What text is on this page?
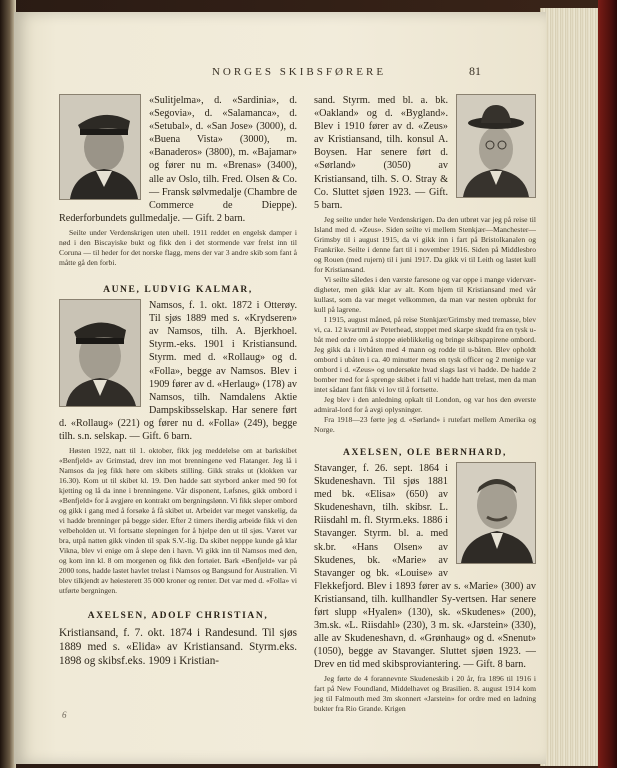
NORGES SKIBSFØRERE	81

«Sulitjelma», d. «Sardinia», d. «Segovia», d. «Salamanca», d. «Setubal», d. «San Jose» (3000), d. «Buena Vista» (3000), m. «Banaderos» (3800), m. «Bajamar» og fører nu m. «Brenas» (3400), alle av Oslo, tilh. Fred. Olsen & Co. — Fransk sølvmedalje (Chambre de Commerce de Dieppe). Rederforbundets gullmedalje. — Gift. 2 barn.

Seilte under Verdenskrigen uten uhell. 1911 reddet en engelsk damper i nød i den Biscayiske bukt og fikk den i det stormende vær frelst inn til Coruna — til heder for det norske flagg, mens der var 3 andre skib som fant å måtte gå den forbi.

AUNE, LUDVIG KALMAR,

Namsos, f. 1. okt. 1872 i Otterøy. Til sjøs 1889 med s. «Krydseren» av Namsos, tilh. A. Bjerkhoel. Styrm.-eks. 1901 i Kristiansund. Styrm. med d. «Rollaug» og d. «Folla», begge av Namsos. Blev i 1909 fører av d. «Herlaug» (178) av Namsos, tilh. Namdalens Aktie Dampskibsselskap. Har senere ført d. «Rollaug» (221) og fører nu d. «Folla» (249), begge tilh. s.n. selskap. — Gift. 6 barn.

Høsten 1922, natt til 1. oktober, fikk jeg meddelelse om at barkskibet «Benfjeld» av Grimstad, drev inn mot brenningene ved Flatanger. Jeg lå i Namsos da jeg fikk høre om skibets stilling. Gikk straks ut (klokken var 16.30). Kom ut til skibet kl. 19. Den hadde satt styrbord anker med 90 fot kjetting og lå da inne i brenningene. Vår disponent, Løfsnes, gikk ombord i «Benfjeld» for å avgjøre en kontrakt om bergningslønn. Vi fikk sleper ombord og gikk i gang med å forsøke å få skibet ut. Arbeidet var meget vanskelig, da vi hadde brenninger på begge sider. Efter 2 timers iherdig arbeide fikk vi den velbeholden ut. Vi fortsatte slepningen for å hjelpe den ut til sjøs. Været var bra, utpå natten gikk vinden til spak S.V.-lig. Da skibet nepppe kunde gå klar Vikna, blev vi enige om å slepe den i havn. Vi gikk inn til Namsos med den, og kom inn kl. 8 om morgenen og fikk den fortøiet. Bark «Benfjeld» var på 2000 tons, hadde lastet havlet trelast i Namsos og Bangsund for Australien. Vi blev tilkjendt av høiesterett 35 000 kroner og renter. Det var med d. «Folla» vi utførte bergningen.

AXELSEN, ADOLF CHRISTIAN,

Kristiansand, f. 7. okt. 1874 i Randesund. Til sjøs 1889 med s. «Elida» av Kristiansand. Styrm.eks. 1898 og skibsf.eks. 1909 i Kristian-

6

sand. Styrm. med bl. a. bk. «Oakland» og d. «Bygland». Blev i 1910 fører av d. «Zeus» av Kristiansand, tilh. konsul A. Boysen. Har senere ført d. «Sørland» (3050) av Kristiansand, tilh. S. O. Stray & Co. Sluttet sjøen 1923. — Gift. 5 barn.

Jeg seilte under hele Verdenskrigen. Da den utbrøt var jeg på reise til Island med d. «Zeus». Siden seilte vi mellem Stenkjær—Manchester—Grimsby til i august 1915, da vi gikk inn i fart på Bristolkanalen og Frankrike. Seilte i denne fart til i november 1916. Siden på Middlesbro og Rouen (med rujern) til i juni 1917. Da gikk vi til Leith og lastet kull for Kristiansand.

Vi seilte således i den værste faresone og var oppe i mange viderværdigheter, men gikk klar av alt. Kom hjem til Kristiansand med vår kullast, som da var meget velkommen, da man var nesten opbrukt for kull på lagrene.

I 1915, august måned, på reise Stenkjær/Grimsby med tremasse, blev vi, ca. 12 kvartmil av Peterhead, stoppet med skarpe skudd fra en tysk u-båt med ordre om å stoppe øieblikkelig og bringe skibspapirene ombord. Jeg gikk da i livbåten med 4 mann og rodde til u-båten. Blev opholdt ombord i ubåten i ca. 40 minutter mens en tysk officer og 2 menige var ombord i d. «Zeus» og undersøkte hvad slags last vi hadde. De hadde 2 bomber med for å sprenge skibet i fall vi hadde hatt trelast, men da man intet sådant fant fikk vi lov til å fortsette.

Jeg blev i den anledning opkalt til London, og var hos den øverste admiral-lord for å avgi oplysninger.

Fra 1918—23 førte jeg d. «Sørland» i rutefart mellem Amerika og Norge.

AXELSEN, OLE BERNHARD,

Stavanger, f. 26. sept. 1864 i Skudeneshavn. Til sjøs 1881 med bk. «Elisa» (650) av Skudeneshavn, tilh. skibsr. L. Riisdahl m. fl. Styrm.eks. 1886 i Stavanger. Styrm. bl. a. med sk.br. «Hans Olsen» av Skudenes, bk. «Marie» av Stavanger og bk. «Louise» av Flekkefjord. Blev i 1893 fører av s. «Marie» (300) av Kristiansand, tilh. kullhandler Sy-vertsen. Har senere ført slupp «Hyalen» (130), sk. «Skudenes» (200), 3m.sk. «L. Riisdahl» (230), 3 m. sk. «Jarstein» (330), alle av Skudeneshavn, d. «Grønhaug» og d. «Snenut» (1050), begge av Stavanger. Sluttet sjøen 1923. — Drev en tid med skibsproviantering. — Gift. 8 barn.

Jeg førte de 4 forannevnte Skudeneskib i 20 år, fra 1896 til 1916 i fart på New Foundland, Middelhavet og Brasilien. 8. august 1914 kom jeg til Falmouth med 3m skonnert «Jarstein» for ordre med en ladning bukter fra Rio Grande. Krigen
